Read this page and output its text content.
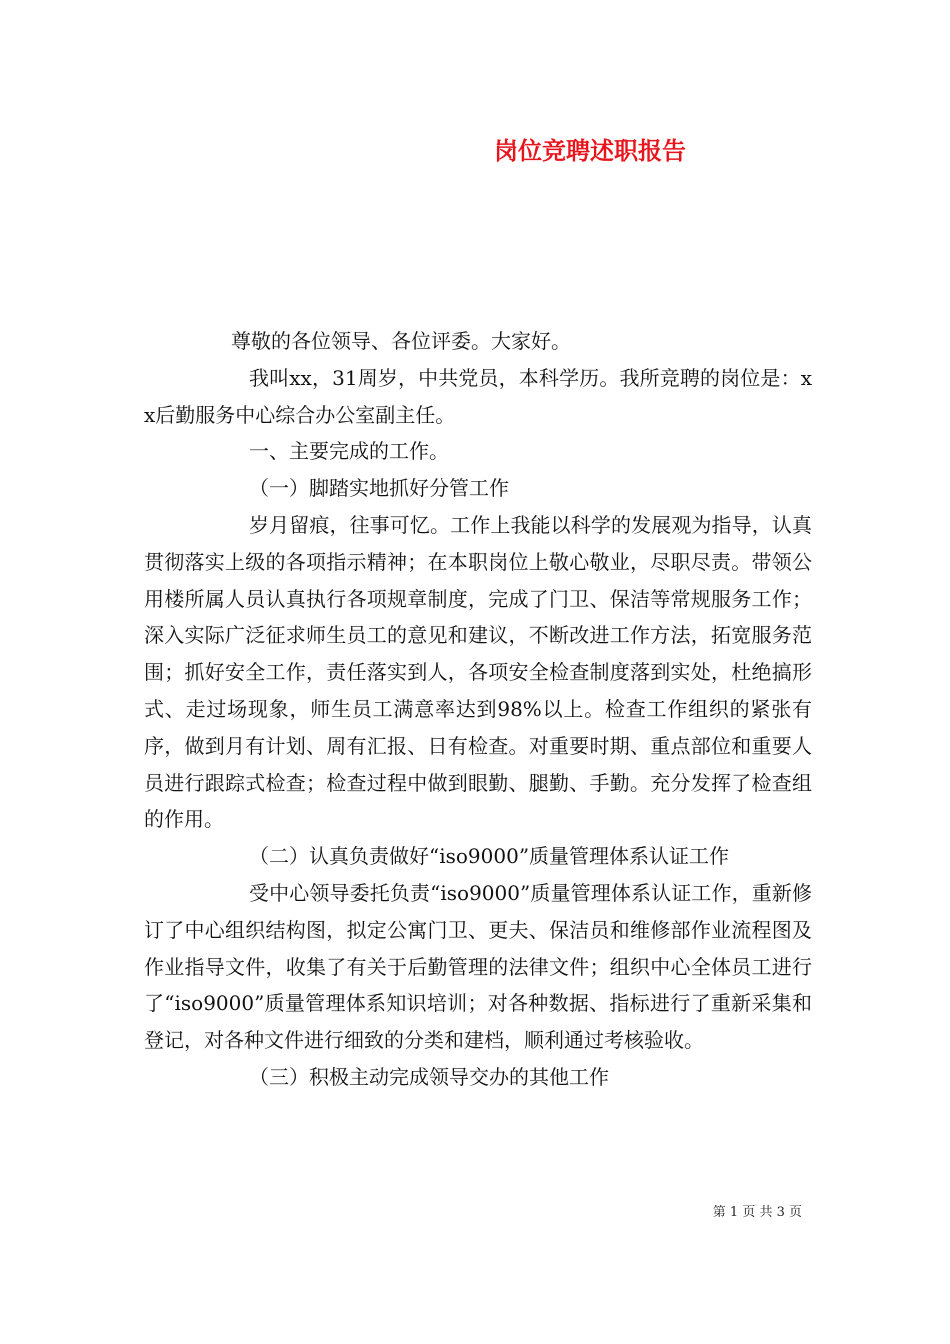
岗位竞聘述职报告

尊敬的各位领导、各位评委。大家好。

我叫xx，31周岁，中共党员，本科学历。我所竞聘的岗位是：xx后勤服务中心综合办公室副主任。

一、主要完成的工作。

（一）脚踏实地抓好分管工作

岁月留痕，往事可忆。工作上我能以科学的发展观为指导，认真贯彻落实上级的各项指示精神；在本职岗位上敬心敬业，尽职尽责。带领公用楼所属人员认真执行各项规章制度，完成了门卫、保洁等常规服务工作；深入实际广泛征求师生员工的意见和建议，不断改进工作方法，拓宽服务范围；抓好安全工作，责任落实到人，各项安全检查制度落到实处，杜绝搞形式、走过场现象，师生员工满意率达到98%以上。检查工作组织的紧张有序，做到月有计划、周有汇报、日有检查。对重要时期、重点部位和重要人员进行跟踪式检查；检查过程中做到眼勤、腿勤、手勤。充分发挥了检查组的作用。

（二）认真负责做好“iso9000”质量管理体系认证工作

受中心领导委托负责“iso9000”质量管理体系认证工作，重新修订了中心组织结构图，拟定公寓门卫、更夫、保洁员和维修部作业流程图及作业指导文件，收集了有关于后勤管理的法律文件；组织中心全体员工进行了“iso9000”质量管理体系知识培训；对各种数据、指标进行了重新采集和登记，对各种文件进行细致的分类和建档，顺利通过考核验收。

（三）积极主动完成领导交办的其他工作

第 1 页 共 3 页
